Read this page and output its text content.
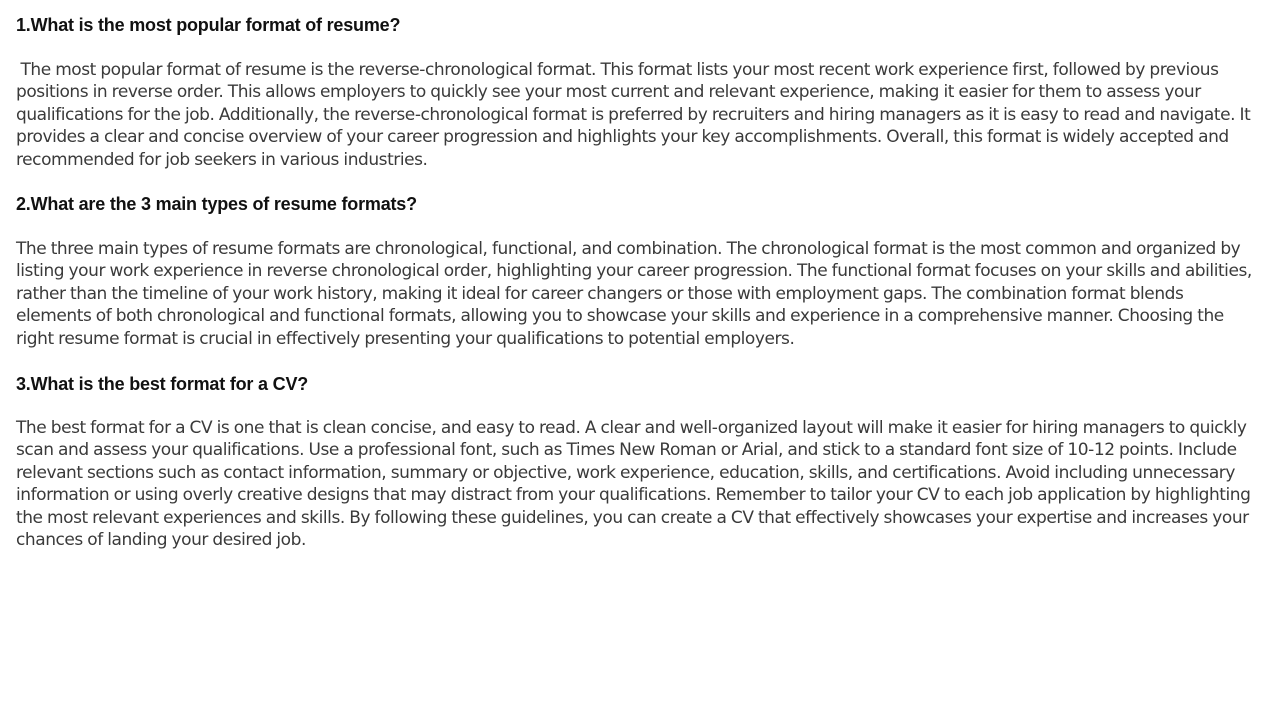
1.What is the most popular format of resume?

The most popular format of resume is the reverse-chronological format. This format lists your most recent work experience first, followed by previous positions in reverse order. This allows employers to quickly see your most current and relevant experience, making it easier for them to assess your qualifications for the job. Additionally, the reverse-chronological format is preferred by recruiters and hiring managers as it is easy to read and navigate. It provides a clear and concise overview of your career progression and highlights your key accomplishments. Overall, this format is widely accepted and recommended for job seekers in various industries.

2.What are the 3 main types of resume formats?

The three main types of resume formats are chronological, functional, and combination. The chronological format is the most common and organized by listing your work experience in reverse chronological order, highlighting your career progression. The functional format focuses on your skills and abilities, rather than the timeline of your work history, making it ideal for career changers or those with employment gaps. The combination format blends elements of both chronological and functional formats, allowing you to showcase your skills and experience in a comprehensive manner. Choosing the right resume format is crucial in effectively presenting your qualifications to potential employers.

3.What is the best format for a CV?

The best format for a CV is one that is clean concise, and easy to read. A clear and well-organized layout will make it easier for hiring managers to quickly scan and assess your qualifications. Use a professional font, such as Times New Roman or Arial, and stick to a standard font size of 10-12 points. Include relevant sections such as contact information, summary or objective, work experience, education, skills, and certifications. Avoid including unnecessary information or using overly creative designs that may distract from your qualifications. Remember to tailor your CV to each job application by highlighting the most relevant experiences and skills. By following these guidelines, you can create a CV that effectively showcases your expertise and increases your chances of landing your desired job.
